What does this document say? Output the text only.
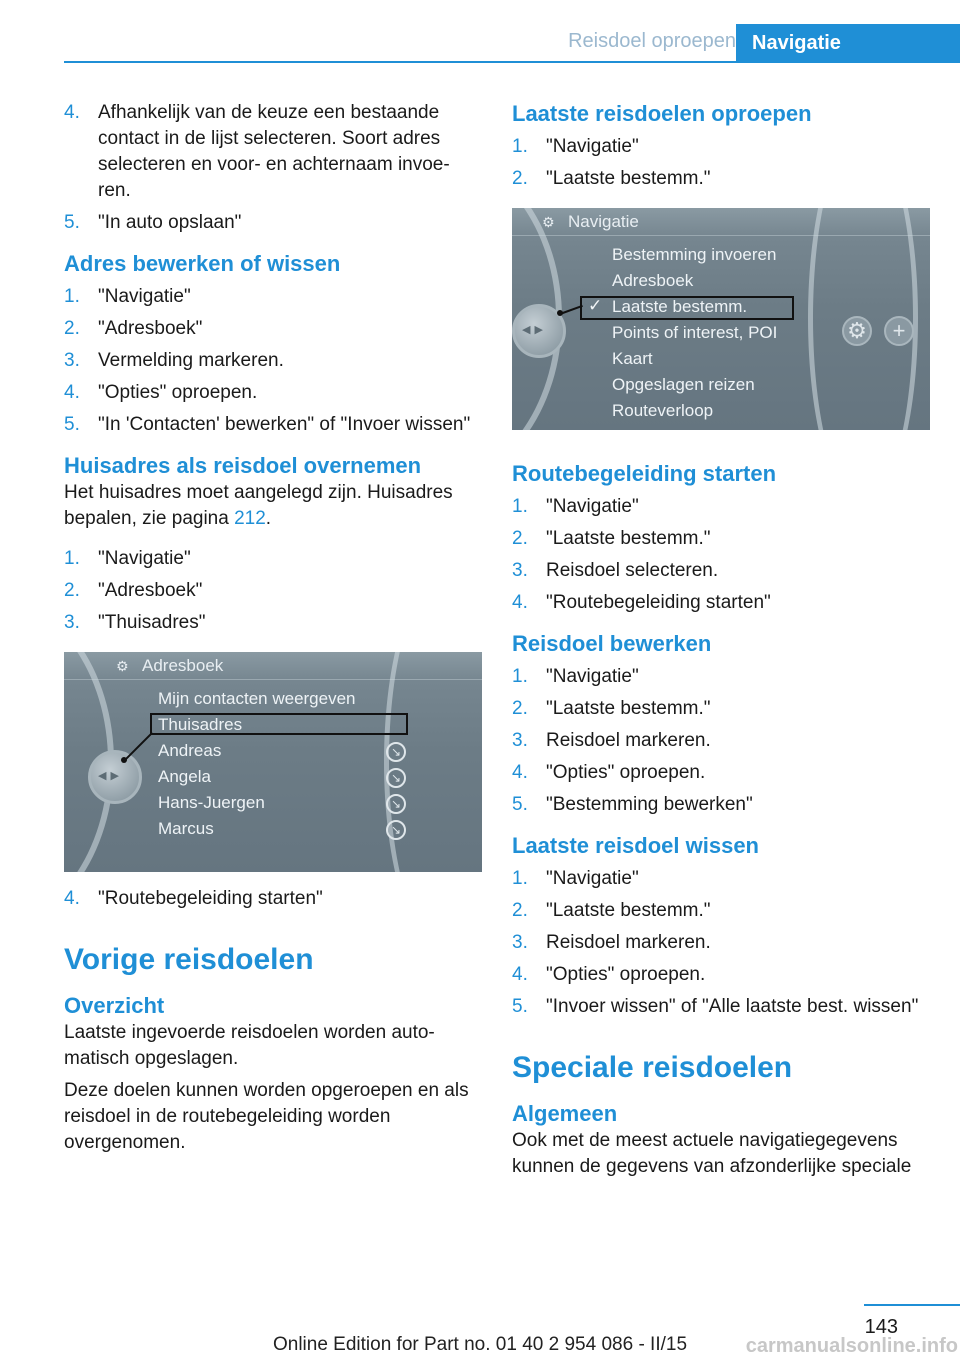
Reisdoel oproepen Navigatie
4. Afhankelijk van de keuze een bestaande contact in de lijst selecteren. Soort adres selecteren en voor- en achternaam invoe-ren.
5. "In auto opslaan"
Adres bewerken of wissen
1. "Navigatie"
2. "Adresboek"
3. Vermelding markeren.
4. "Opties" oproepen.
5. "In 'Contacten' bewerken" of "Invoer wissen"
Huisadres als reisdoel overnemen

Het huisadres moet aangelegd zijn. Huisadres bepalen, zie pagina 212.

1. "Navigatie"
2. "Adresboek"
3. "Thuisadres"
⚙ Adresboek
◀▶
Mijn contacten weergeven
Thuisadres
Andreas
Angela
Hans-Juergen
Marcus
↘
↘
↘
↘
4. "Routebegeleiding starten"
Vorige reisdoelen
Overzicht

Laatste ingevoerde reisdoelen worden auto-matisch opgeslagen.

Deze doelen kunnen worden opgeroepen en als reisdoel in de routebegeleiding worden overgenomen.

Laatste reisdoelen oproepen
1. "Navigatie"
2. "Laatste bestemm."
⚙ Navigatie
◀▶
Bestemming invoeren
Adresboek
Laatste bestemm.
Points of interest, POI
Kaart
Opgeslagen reizen
Routeverloop
✓
⚙	+
Routebegeleiding starten
1. "Navigatie"
2. "Laatste bestemm."
3. Reisdoel selecteren.
4. "Routebegeleiding starten"
Reisdoel bewerken
1. "Navigatie"
2. "Laatste bestemm."
3. Reisdoel markeren.
4. "Opties" oproepen.
5. "Bestemming bewerken"
Laatste reisdoel wissen
1. "Navigatie"
2. "Laatste bestemm."
3. Reisdoel markeren.
4. "Opties" oproepen.
5. "Invoer wissen" of "Alle laatste best. wissen"
Speciale reisdoelen
Algemeen

Ook met de meest actuele navigatiegegevens kunnen de gegevens van afzonderlijke speciale

143
Online Edition for Part no. 01 40 2 954 086 - II/15	carmanualsonline.info
